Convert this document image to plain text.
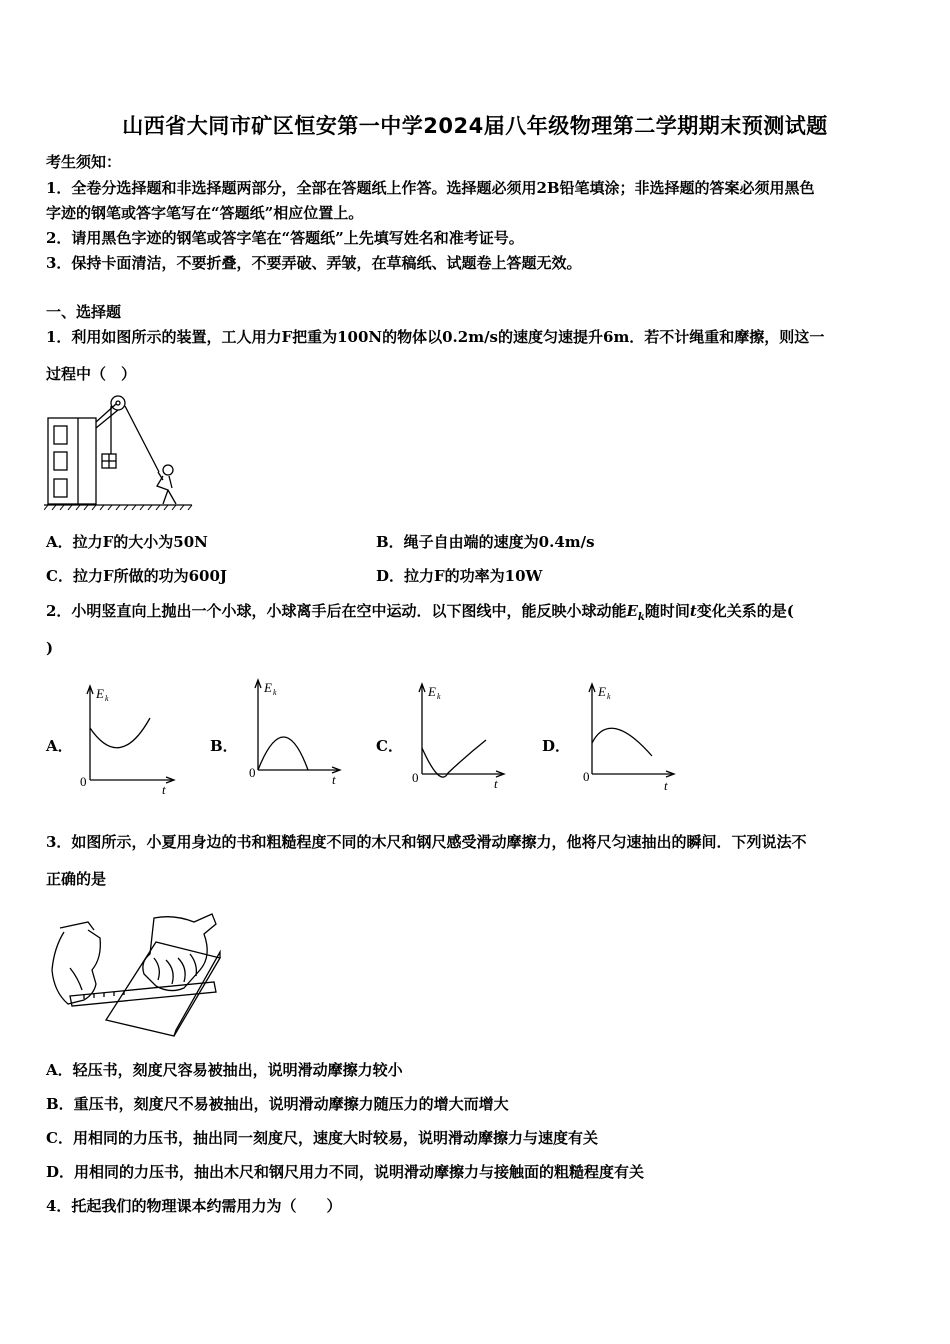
山西省大同市矿区恒安第一中学2024届八年级物理第二学期期末预测试题
考生须知：
1．全卷分选择题和非选择题两部分，全部在答题纸上作答。选择题必须用2B铅笔填涂；非选择题的答案必须用黑色
字迹的钢笔或答字笔写在“答题纸”相应位置上。
2．请用黑色字迹的钢笔或答字笔在“答题纸”上先填写姓名和准考证号。
3．保持卡面清洁，不要折叠，不要弄破、弄皱，在草稿纸、试题卷上答题无效。
一、选择题
1．利用如图所示的装置，工人用力F把重为100N的物体以0.2m/s的速度匀速提升6m．若不计绳重和摩擦，则这一
过程中（　）
A．拉力F的大小为50N	B．绳子自由端的速度为0.4m/s
C．拉力F所做的功为600J	D．拉力F的功率为10W
2．小明竖直向上抛出一个小球，小球离手后在空中运动．以下图线中，能反映小球动能$E_k$随时间t变化关系的是(
)
A．
E k
0
t
B．
E k
0	t
C．
E k
0	t
D．
E k
0
t
3．如图所示，小夏用身边的书和粗糙程度不同的木尺和钢尺感受滑动摩擦力，他将尺匀速抽出的瞬间．下列说法不
正确的是
A．轻压书，刻度尺容易被抽出，说明滑动摩擦力较小
B．重压书，刻度尺不易被抽出，说明滑动摩擦力随压力的增大而增大
C．用相同的力压书，抽出同一刻度尺，速度大时较易，说明滑动摩擦力与速度有关
D．用相同的力压书，抽出木尺和钢尺用力不同，说明滑动摩擦力与接触面的粗糙程度有关
4．托起我们的物理课本约需用力为（　　）
